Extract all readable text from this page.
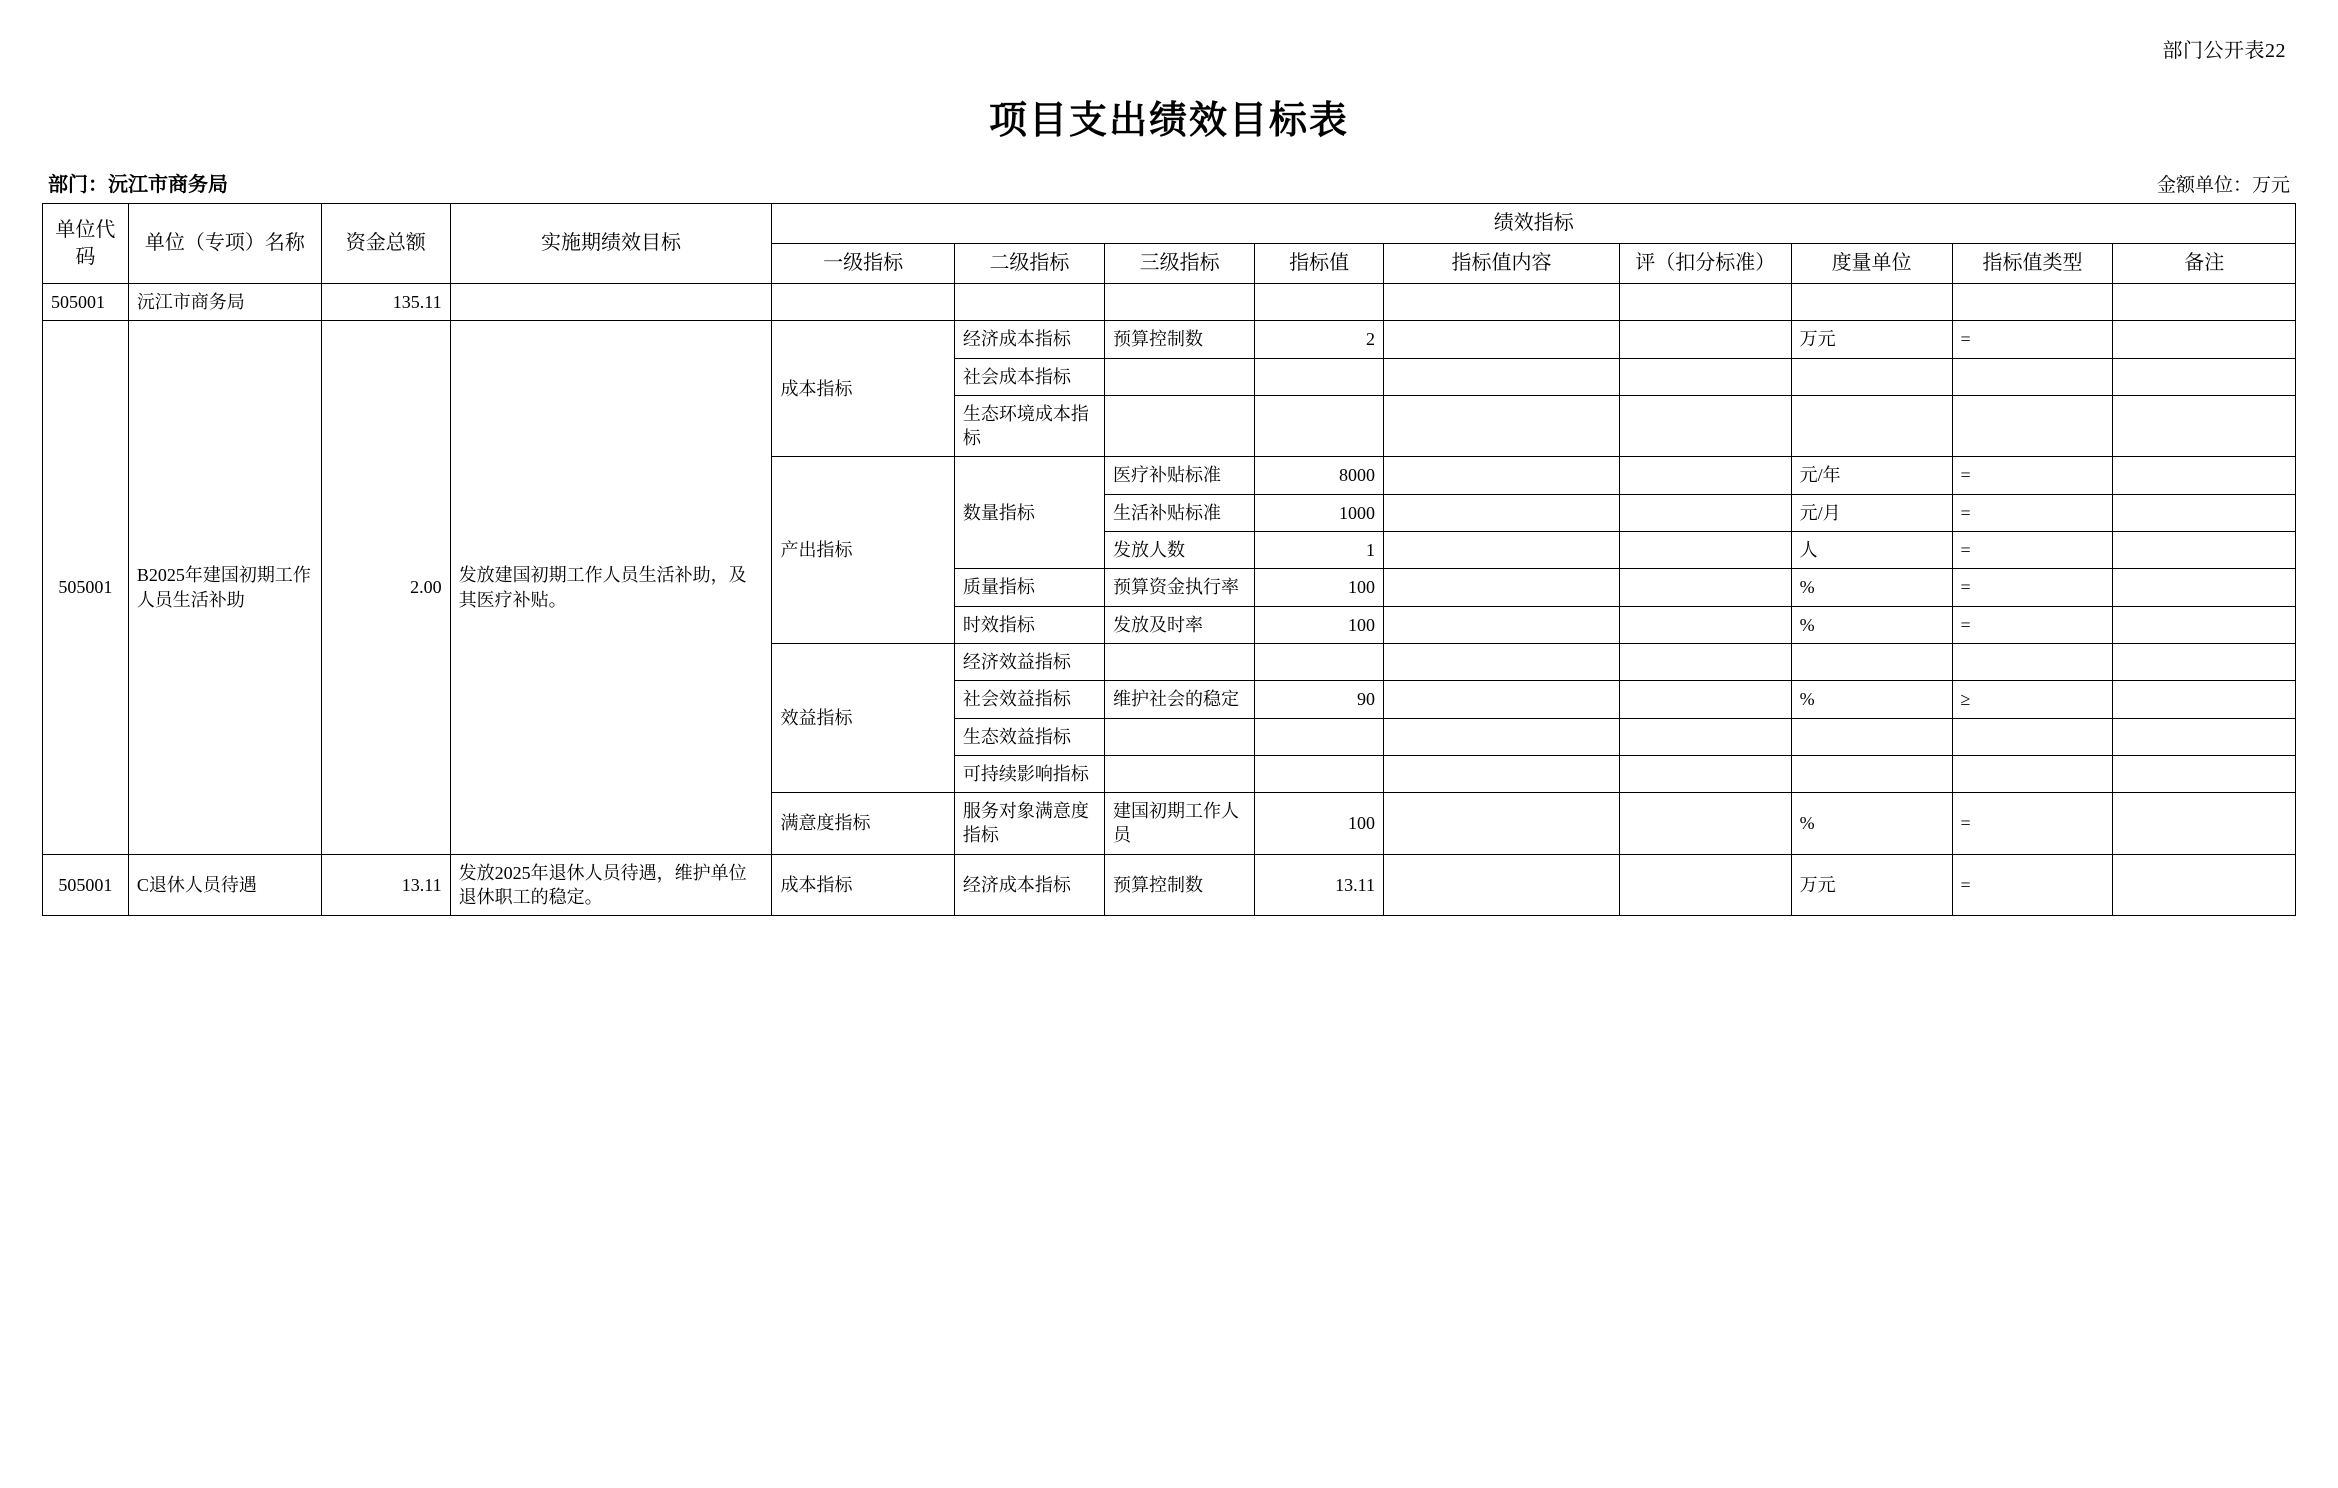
部门公开表22
项目支出绩效目标表
部门：沅江市商务局	金额单位：万元
单位代码	单位（专项）名称	资金总额	实施期绩效目标	绩效指标								
				一级指标	二级指标	三级指标	指标值	指标值内容	评（扣分标准）	度量单位	指标值类型	备注
505001	沅江市商务局	135.11										
505001	B2025年建国初期工作人员生活补助	2.00	发放建国初期工作人员生活补助，及其医疗补贴。	成本指标	经济成本指标	预算控制数	2			万元	=	
					社会成本指标							
					生态环境成本指标							
				产出指标	数量指标	医疗补贴标准	8000			元/年	=	
						生活补贴标准	1000			元/月	=	
						发放人数	1			人	=	
					质量指标	预算资金执行率	100			%	=	
					时效指标	发放及时率	100			%	=	
				效益指标	经济效益指标							
					社会效益指标	维护社会的稳定	90			%	≥	
					生态效益指标							
					可持续影响指标							
				满意度指标	服务对象满意度指标	建国初期工作人员	100			%	=	
505001	C退休人员待遇	13.11	发放2025年退休人员待遇，维护单位退休职工的稳定。	成本指标	经济成本指标	预算控制数	13.11			万元	=	
